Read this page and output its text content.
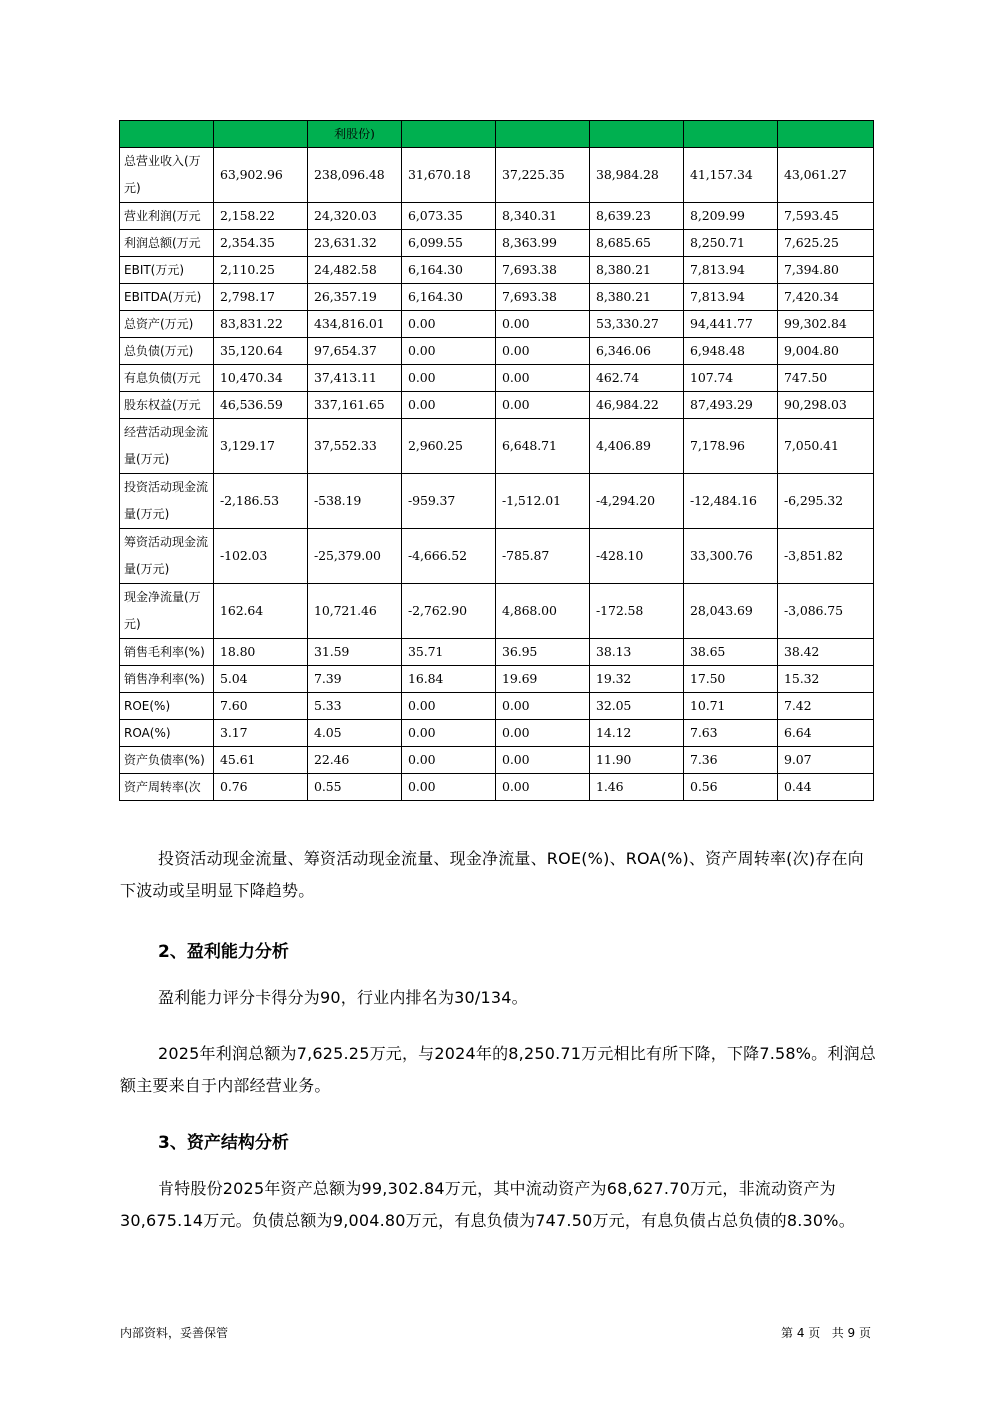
		利股份)					
总营业收入(万元)	63,902.96	238,096.48	31,670.18	37,225.35	38,984.28	41,157.34	43,061.27
营业利润(万元	2,158.22	24,320.03	6,073.35	8,340.31	8,639.23	8,209.99	7,593.45
利润总额(万元	2,354.35	23,631.32	6,099.55	8,363.99	8,685.65	8,250.71	7,625.25
EBIT(万元)	2,110.25	24,482.58	6,164.30	7,693.38	8,380.21	7,813.94	7,394.80
EBITDA(万元)	2,798.17	26,357.19	6,164.30	7,693.38	8,380.21	7,813.94	7,420.34
总资产(万元)	83,831.22	434,816.01	0.00	0.00	53,330.27	94,441.77	99,302.84
总负债(万元)	35,120.64	97,654.37	0.00	0.00	6,346.06	6,948.48	9,004.80
有息负债(万元	10,470.34	37,413.11	0.00	0.00	462.74	107.74	747.50
股东权益(万元	46,536.59	337,161.65	0.00	0.00	46,984.22	87,493.29	90,298.03
经营活动现金流量(万元)	3,129.17	37,552.33	2,960.25	6,648.71	4,406.89	7,178.96	7,050.41
投资活动现金流量(万元)	-2,186.53	-538.19	-959.37	-1,512.01	-4,294.20	-12,484.16	-6,295.32
筹资活动现金流量(万元)	-102.03	-25,379.00	-4,666.52	-785.87	-428.10	33,300.76	-3,851.82
现金净流量(万元)	162.64	10,721.46	-2,762.90	4,868.00	-172.58	28,043.69	-3,086.75
销售毛利率(%)	18.80	31.59	35.71	36.95	38.13	38.65	38.42
销售净利率(%)	5.04	7.39	16.84	19.69	19.32	17.50	15.32
ROE(%)	7.60	5.33	0.00	0.00	32.05	10.71	7.42
ROA(%)	3.17	4.05	0.00	0.00	14.12	7.63	6.64
资产负债率(%)	45.61	22.46	0.00	0.00	11.90	7.36	9.07
资产周转率(次	0.76	0.55	0.00	0.00	1.46	0.56	0.44
投资活动现金流量、筹资活动现金流量、现金净流量、ROE(%)、ROA(%)、资产周转率(次)存在向下波动或呈明显下降趋势。
2、盈利能力分析
盈利能力评分卡得分为90，行业内排名为30/134。
2025年利润总额为7,625.25万元，与2024年的8,250.71万元相比有所下降，下降7.58%。利润总额主要来自于内部经营业务。
3、资产结构分析
肯特股份2025年资产总额为99,302.84万元，其中流动资产为68,627.70万元，非流动资产为30,675.14万元。负债总额为9,004.80万元，有息负债为747.50万元，有息负债占总负债的8.30%。
内部资料，妥善保管	第 4 页   共 9 页
